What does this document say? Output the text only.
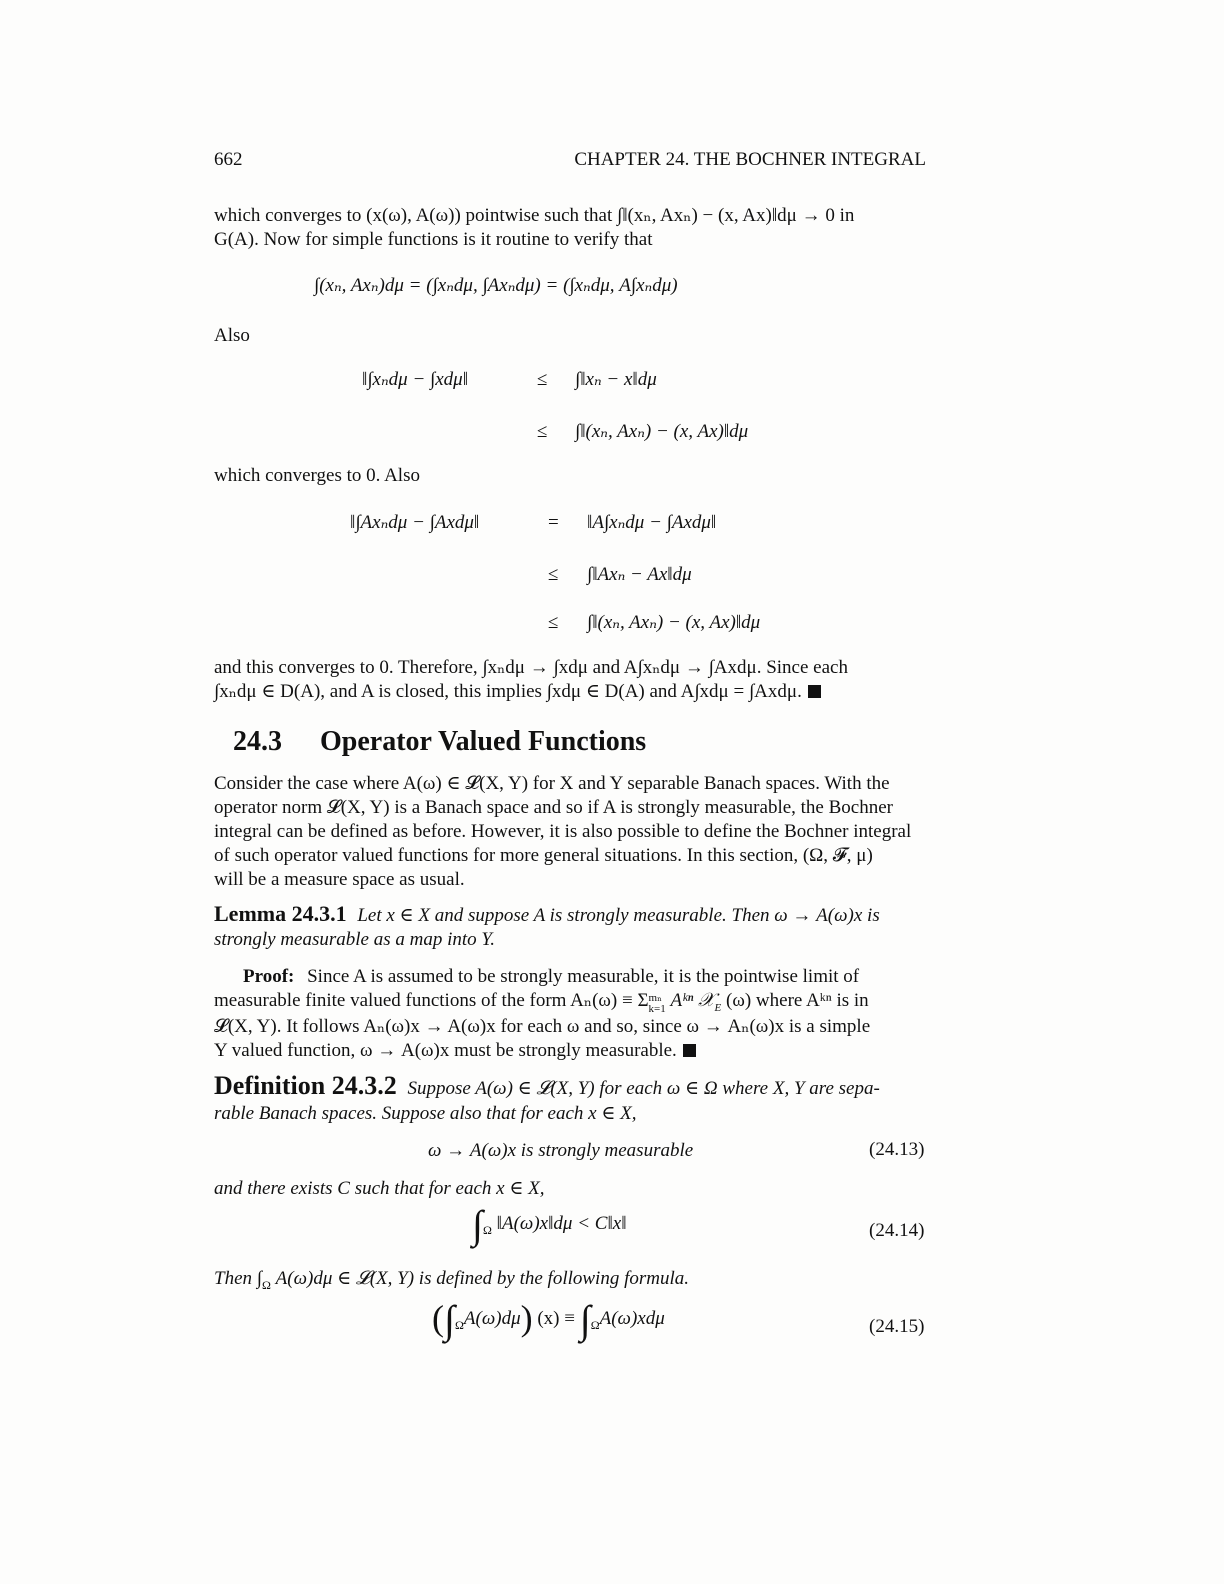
662	CHAPTER 24. THE BOCHNER INTEGRAL
which converges to (x(ω), A(ω)) pointwise such that ∫‖(xₙ, Axₙ) − (x, Ax)‖dμ → 0 in
G(A). Now for simple functions is it routine to verify that
∫(xₙ, Axₙ)dμ = (∫xₙdμ, ∫Axₙdμ) = (∫xₙdμ, A∫xₙdμ)
Also
‖∫xₙdμ − ∫xdμ‖	≤ ∫‖xₙ − x‖dμ
≤ ∫‖(xₙ, Axₙ) − (x, Ax)‖dμ
which converges to 0. Also
‖∫Axₙdμ − ∫Axdμ‖	= ‖A∫xₙdμ − ∫Axdμ‖
≤ ∫‖Axₙ − Ax‖dμ
≤ ∫‖(xₙ, Axₙ) − (x, Ax)‖dμ
and this converges to 0. Therefore, ∫xₙdμ → ∫xdμ and A∫xₙdμ → ∫Axdμ. Since each
∫xₙdμ ∈ D(A), and A is closed, this implies ∫xdμ ∈ D(A) and A∫xdμ = ∫Axdμ.
24.3 Operator Valued Functions
Consider the case where A(ω) ∈ 𝓛(X, Y) for X and Y separable Banach spaces. With the
operator norm 𝓛(X, Y) is a Banach space and so if A is strongly measurable, the Bochner
integral can be defined as before. However, it is also possible to define the Bochner integral
of such operator valued functions for more general situations. In this section, (Ω, 𝓕, μ)
will be a measure space as usual.
Lemma 24.3.1 Let x ∈ X and suppose A is strongly measurable. Then ω → A(ω)x is
strongly measurable as a map into Y.
Proof: Since A is assumed to be strongly measurable, it is the pointwise limit of
measurable finite valued functions of the form Aₙ(ω) ≡ Σmₙ
k=1 Aᵏⁿ 𝒳$_E$ (ω) where Aᵏⁿ is in
𝓛(X, Y). It follows Aₙ(ω)x → A(ω)x for each ω and so, since ω → Aₙ(ω)x is a simple
Y valued function, ω → A(ω)x must be strongly measurable.
Definition 24.3.2 Suppose A(ω) ∈ 𝓛(X, Y) for each ω ∈ Ω where X, Y are sepa-
rable Banach spaces. Suppose also that for each x ∈ X,
ω → A(ω)x is strongly measurable	(24.13)
and there exists C such that for each x ∈ X,
$\int_\Omega$ ‖A(ω)x‖dμ < C‖x‖	(24.14)
Then $\int_\Omega$ A(ω)dμ ∈ 𝓛(X, Y) is defined by the following formula.
$(\int_\Omega A(\omega)d\mu) (x) \equiv \int_\Omega A(\omega)xd\mu$	(24.15)
